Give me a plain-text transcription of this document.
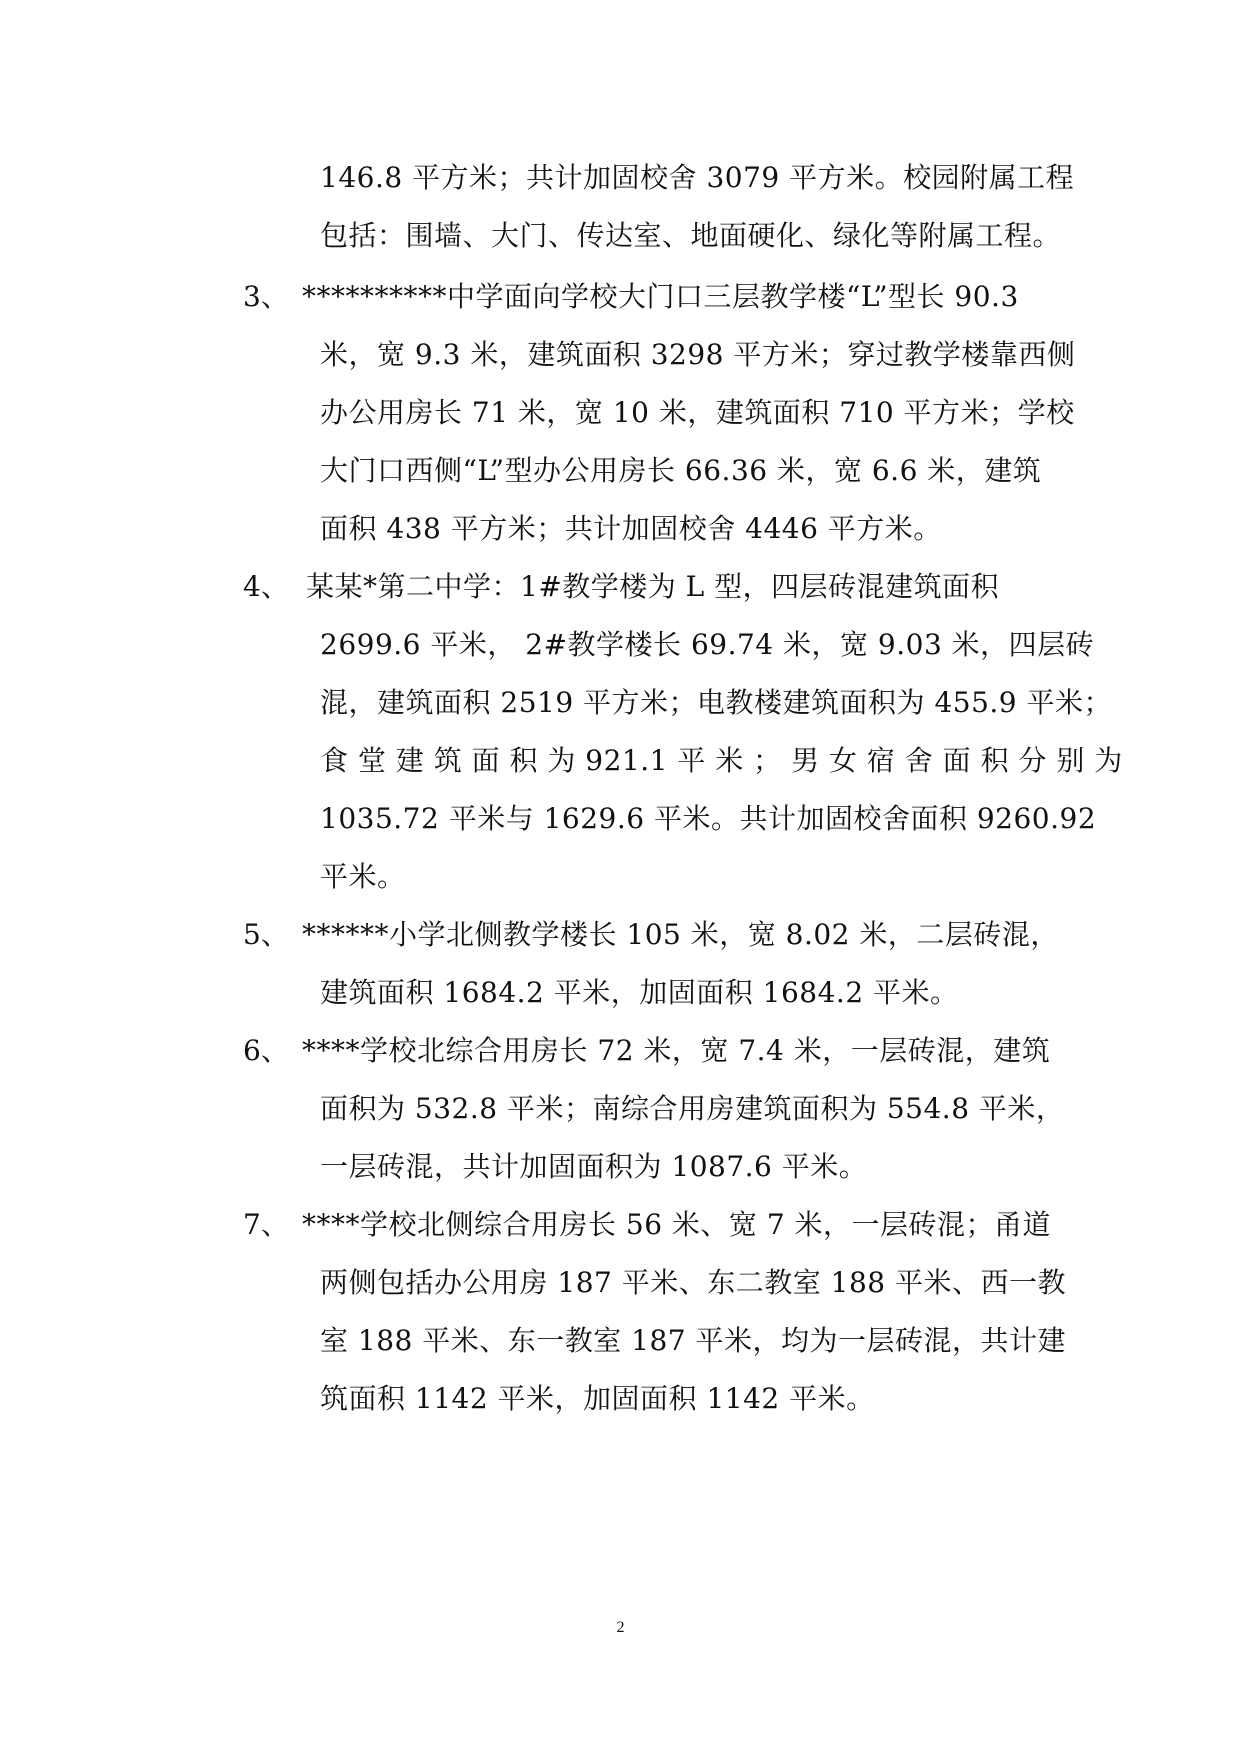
146.8 平方米；共计加固校舍 3079 平方米。校园附属工程
包括：围墙、大门、传达室、地面硬化、绿化等附属工程。
3、 **********中学面向学校大门口三层教学楼“L”型长 90.3
米，宽 9.3 米，建筑面积 3298 平方米；穿过教学楼靠西侧
办公用房长 71 米，宽 10 米，建筑面积 710 平方米；学校
大门口西侧“L”型办公用房长 66.36 米，宽 6.6 米，建筑
面积 438 平方米；共计加固校舍 4446 平方米。
4、 某某*第二中学：1#教学楼为 L 型，四层砖混建筑面积
2699.6 平米， 2#教学楼长 69.74 米，宽 9.03 米，四层砖
混，建筑面积 2519 平方米；电教楼建筑面积为 455.9 平米；
食 堂 建 筑 面 积 为 921.1 平 米 ； 男 女 宿 舍 面 积 分 别 为
1035.72 平米与 1629.6 平米。共计加固校舍面积 9260.92
平米。
5、 ******小学北侧教学楼长 105 米，宽 8.02 米，二层砖混，
建筑面积 1684.2 平米，加固面积 1684.2 平米。
6、 ****学校北综合用房长 72 米，宽 7.4 米，一层砖混，建筑
面积为 532.8 平米；南综合用房建筑面积为 554.8 平米，
一层砖混，共计加固面积为 1087.6 平米。
7、 ****学校北侧综合用房长 56 米、宽 7 米，一层砖混；甬道
两侧包括办公用房 187 平米、东二教室 188 平米、西一教
室 188 平米、东一教室 187 平米，均为一层砖混，共计建
筑面积 1142 平米，加固面积 1142 平米。
2
